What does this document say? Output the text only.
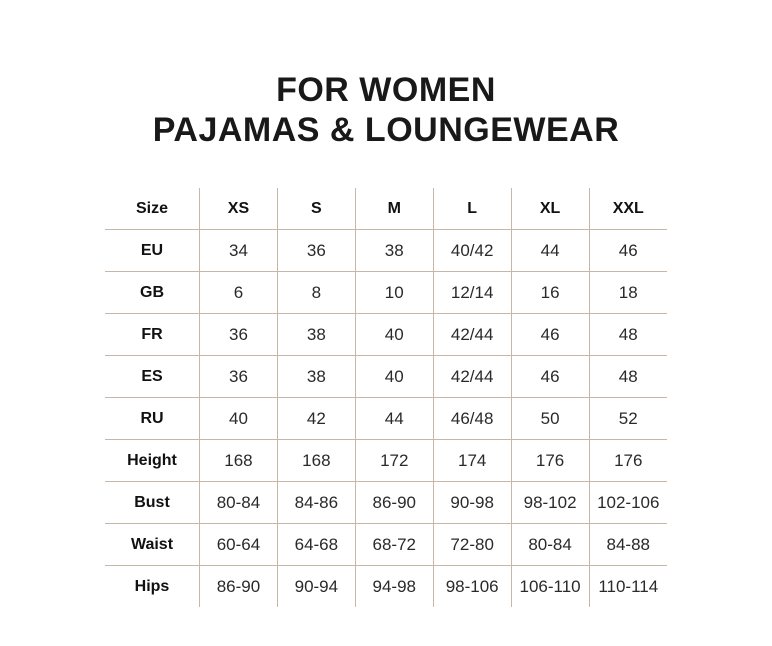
FOR WOMEN
PAJAMAS & LOUNGEWEAR
Size	XS	S	M	L	XL	XXL
EU	34	36	38	40/42	44	46
GB	6	8	10	12/14	16	18
FR	36	38	40	42/44	46	48
ES	36	38	40	42/44	46	48
RU	40	42	44	46/48	50	52
Height	168	168	172	174	176	176
Bust	80-84	84-86	86-90	90-98	98-102	102-106
Waist	60-64	64-68	68-72	72-80	80-84	84-88
Hips	86-90	90-94	94-98	98-106	106-110	110-114
